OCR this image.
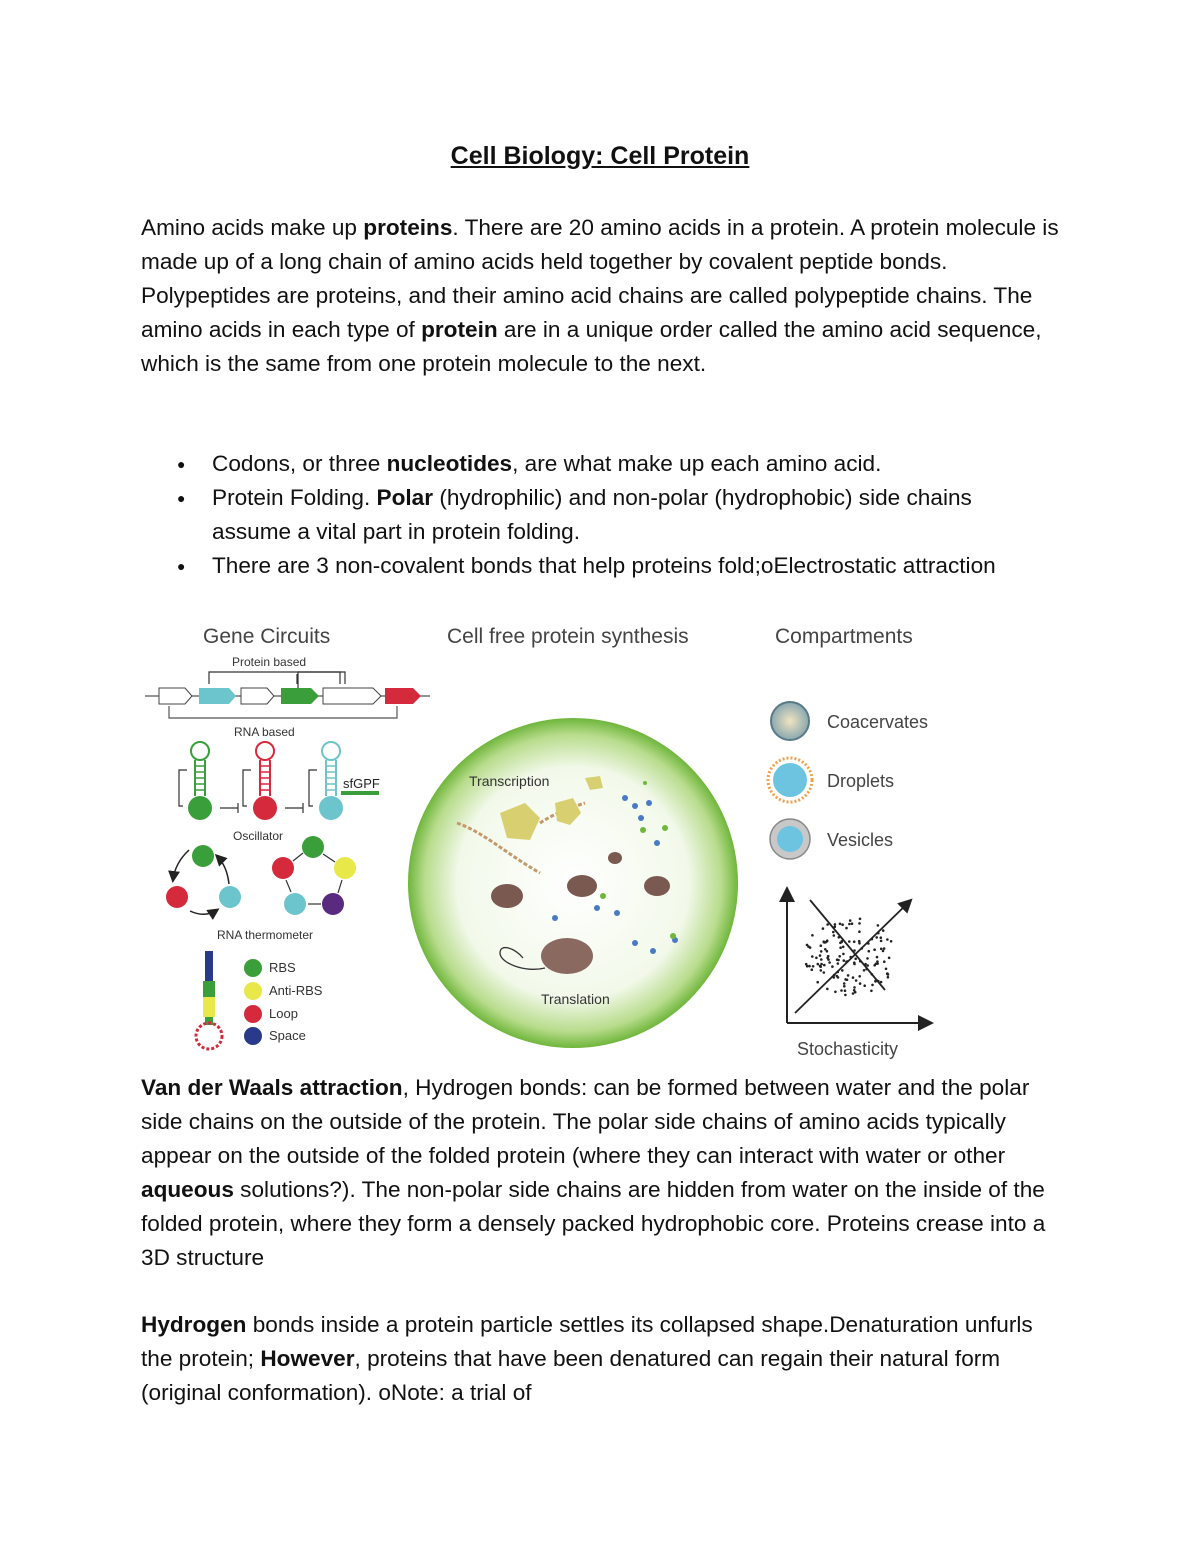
Cell Biology: Cell Protein

Amino acids make up proteins. There are 20 amino acids in a protein. A protein molecule is made up of a long chain of amino acids held together by covalent peptide bonds. Polypeptides are proteins, and their amino acid chains are called polypeptide chains. The amino acids in each type of protein are in a unique order called the amino acid sequence, which is the same from one protein molecule to the next.

● Codons, or three nucleotides, are what make up each amino acid.
● Protein Folding. Polar (hydrophilic) and non-polar (hydrophobic) side chains assume a vital part in protein folding.
● There are 3 non-covalent bonds that help proteins fold;oElectrostatic attraction
Gene Circuits	Cell free protein synthesis	Compartments
Protein based
RNA based
sfGPF
Oscillator
RNA thermometer
RBS
Anti-RBS
Loop
Space
Transcription
Translation
Coacervates
Droplets
Vesicles
Stochasticity

Van der Waals attraction, Hydrogen bonds: can be formed between water and the polar side chains on the outside of the protein. The polar side chains of amino acids typically appear on the outside of the folded protein (where they can interact with water or other aqueous solutions?). The non-polar side chains are hidden from water on the inside of the folded protein, where they form a densely packed hydrophobic core. Proteins crease into a 3D structure

Hydrogen bonds inside a protein particle settles its collapsed shape.Denaturation unfurls the protein; However, proteins that have been denatured can regain their natural form (original conformation). oNote: a trial of
